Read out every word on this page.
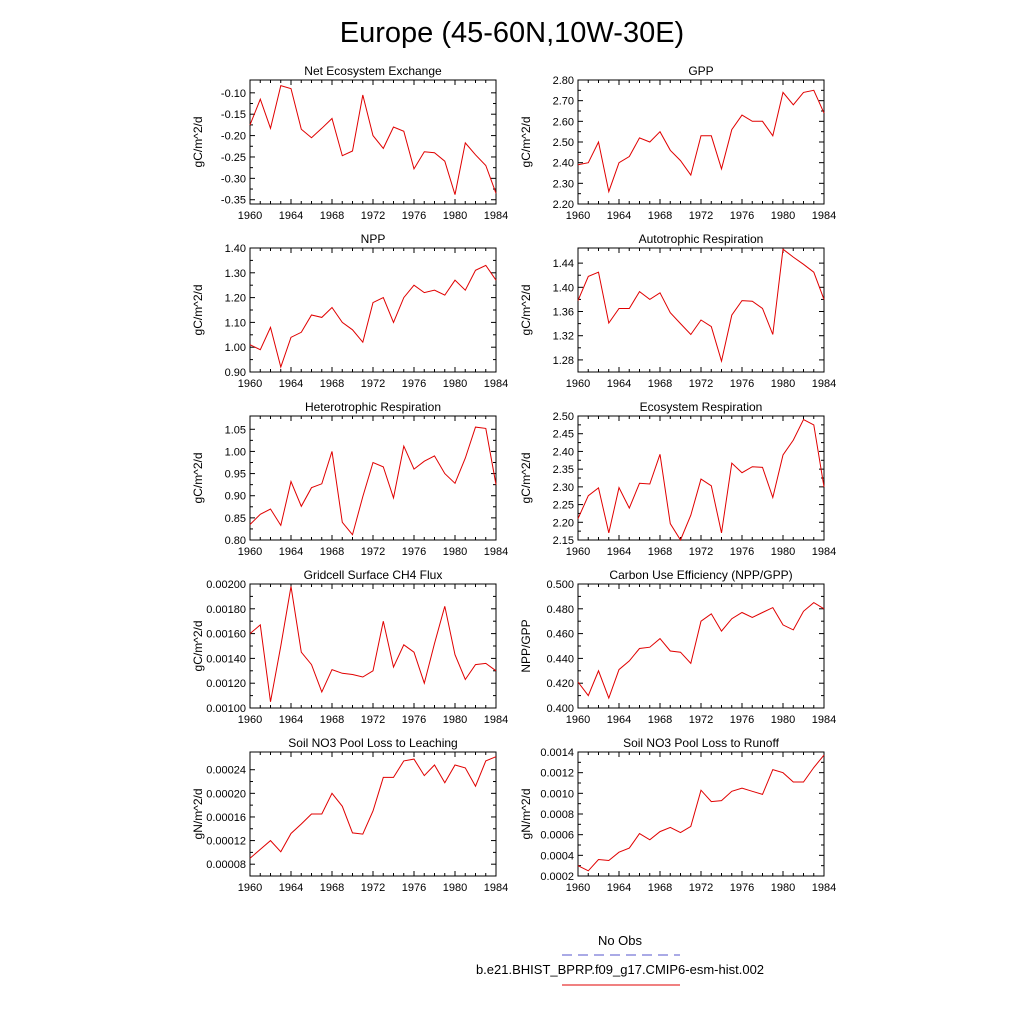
Europe (45-60N,10W-30E)
1960 1964 1968 1972 1976 1980 1984
-0.35
-0.30
-0.25
-0.20
-0.15
-0.10
Net Ecosystem Exchange
gC/m^2/d
1960 1964 1968 1972 1976 1980 1984
2.20
2.30
2.40
2.50
2.60
2.70
2.80
GPP
gC/m^2/d
1960 1964 1968 1972 1976 1980 1984
0.90
1.00
1.10
1.20
1.30
1.40
NPP
gC/m^2/d
1960 1964 1968 1972 1976 1980 1984
1.28
1.32
1.36
1.40
1.44
Autotrophic Respiration
gC/m^2/d
1960 1964 1968 1972 1976 1980 1984
0.80
0.85
0.90
0.95
1.00
1.05
Heterotrophic Respiration
gC/m^2/d
1960 1964 1968 1972 1976 1980 1984
2.15
2.20
2.25
2.30
2.35
2.40
2.45
2.50
Ecosystem Respiration
gC/m^2/d
1960 1964 1968 1972 1976 1980 1984
0.00100
0.00120
0.00140
0.00160
0.00180
0.00200
Gridcell Surface CH4 Flux
gC/m^2/d
1960 1964 1968 1972 1976 1980 1984
0.400
0.420
0.440
0.460
0.480
0.500
Carbon Use Efficiency (NPP/GPP)
NPP/GPP
1960 1964 1968 1972 1976 1980 1984
0.00008
0.00012
0.00016
0.00020
0.00024
Soil NO3 Pool Loss to Leaching
gN/m^2/d
1960 1964 1968 1972 1976 1980 1984
0.0002
0.0004
0.0006
0.0008
0.0010
0.0012
0.0014
Soil NO3 Pool Loss to Runoff
gN/m^2/d
No Obs
b.e21.BHIST_BPRP.f09_g17.CMIP6-esm-hist.002
